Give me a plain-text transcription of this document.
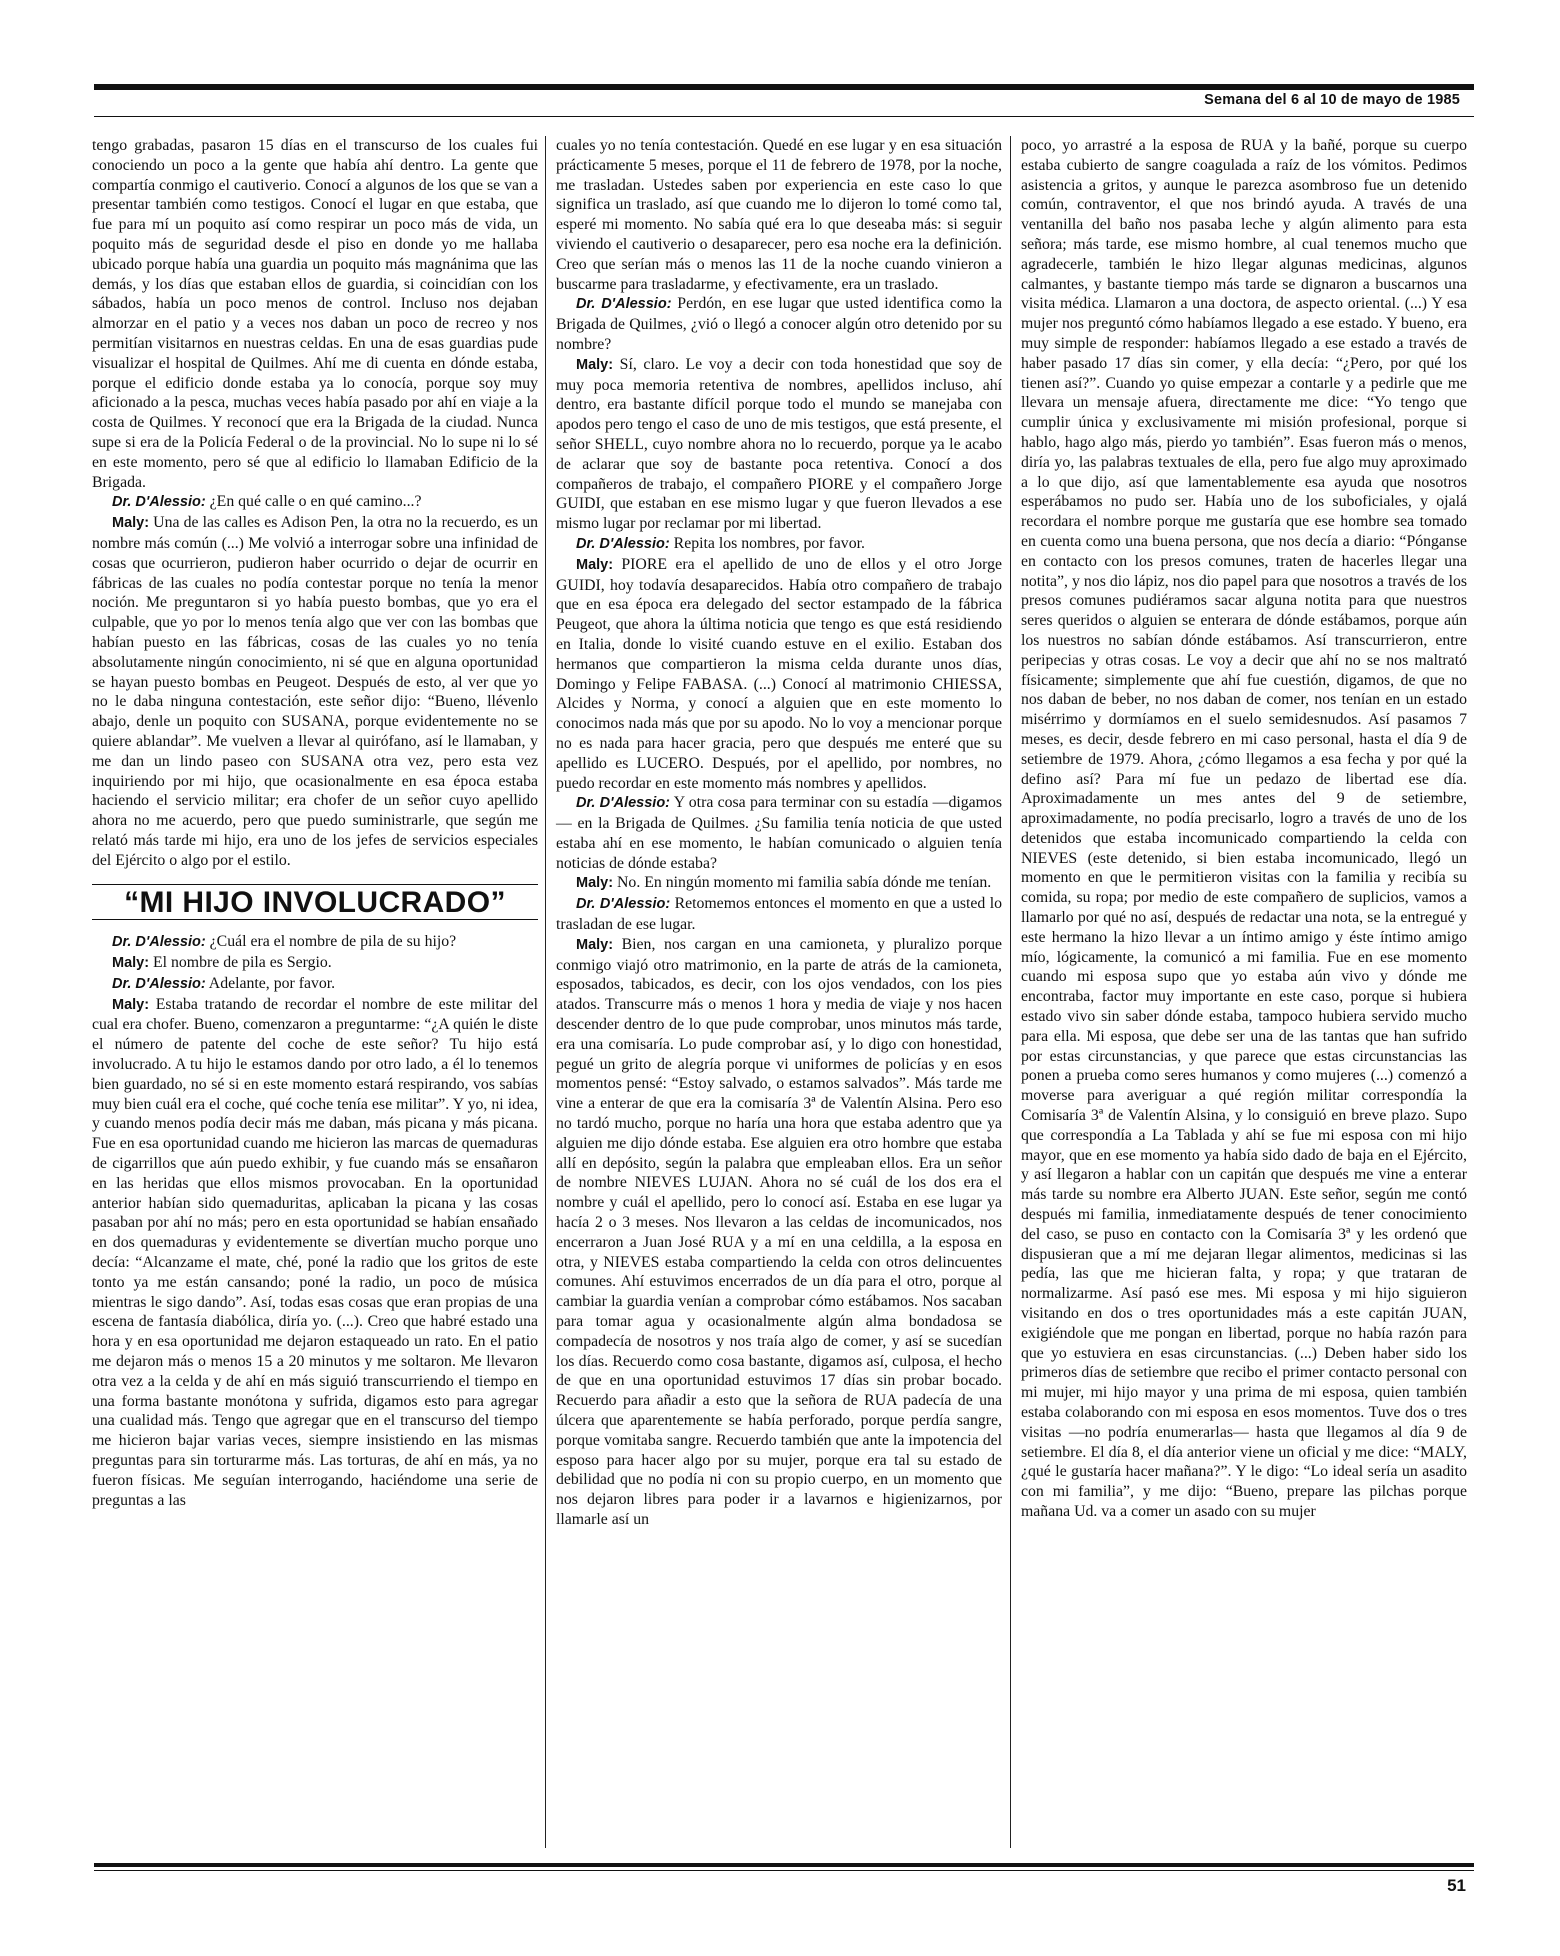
Semana del 6 al 10 de mayo de 1985

tengo grabadas, pasaron 15 días en el transcurso de los cuales fui conociendo un poco a la gente que había ahí dentro. La gente que compartía conmigo el cautiverio. Conocí a algunos de los que se van a presentar también como testigos. Conocí el lugar en que estaba, que fue para mí un poquito así como respirar un poco más de vida, un poquito más de seguridad desde el piso en donde yo me hallaba ubicado porque había una guardia un poquito más magnánima que las demás, y los días que estaban ellos de guardia, si coincidían con los sábados, había un poco menos de control. Incluso nos dejaban almorzar en el patio y a veces nos daban un poco de recreo y nos permitían visitarnos en nuestras celdas. En una de esas guardias pude visualizar el hospital de Quilmes. Ahí me di cuenta en dónde estaba, porque el edificio donde estaba ya lo conocía, porque soy muy aficionado a la pesca, muchas veces había pasado por ahí en viaje a la costa de Quilmes. Y reconocí que era la Brigada de la ciudad. Nunca supe si era de la Policía Federal o de la provincial. No lo supe ni lo sé en este momento, pero sé que al edificio lo llamaban Edificio de la Brigada.

Dr. D'Alessio: ¿En qué calle o en qué camino...?

Maly: Una de las calles es Adison Pen, la otra no la recuerdo, es un nombre más común (...) Me volvió a interrogar sobre una infinidad de cosas que ocurrieron, pudieron haber ocurrido o dejar de ocurrir en fábricas de las cuales no podía contestar porque no tenía la menor noción. Me preguntaron si yo había puesto bombas, que yo era el culpable, que yo por lo menos tenía algo que ver con las bombas que habían puesto en las fábricas, cosas de las cuales yo no tenía absolutamente ningún conocimiento, ni sé que en alguna oportunidad se hayan puesto bombas en Peugeot. Después de esto, al ver que yo no le daba ninguna contestación, este señor dijo: “Bueno, llévenlo abajo, denle un poquito con SUSANA, porque evidentemente no se quiere ablandar”. Me vuelven a llevar al quirófano, así le llamaban, y me dan un lindo paseo con SUSANA otra vez, pero esta vez inquiriendo por mi hijo, que ocasionalmente en esa época estaba haciendo el servicio militar; era chofer de un señor cuyo apellido ahora no me acuerdo, pero que puedo suministrarle, que según me relató más tarde mi hijo, era uno de los jefes de servicios especiales del Ejército o algo por el estilo.

“MI HIJO INVOLUCRADO”

Dr. D'Alessio: ¿Cuál era el nombre de pila de su hijo?

Maly: El nombre de pila es Sergio.

Dr. D'Alessio: Adelante, por favor.

Maly: Estaba tratando de recordar el nombre de este militar del cual era chofer. Bueno, comenzaron a preguntarme: “¿A quién le diste el número de patente del coche de este señor? Tu hijo está involucrado. A tu hijo le estamos dando por otro lado, a él lo tenemos bien guardado, no sé si en este momento estará respirando, vos sabías muy bien cuál era el coche, qué coche tenía ese militar”. Y yo, ni idea, y cuando menos podía decir más me daban, más picana y más picana. Fue en esa oportunidad cuando me hicieron las marcas de quemaduras de cigarrillos que aún puedo exhibir, y fue cuando más se ensañaron en las heridas que ellos mismos provocaban. En la oportunidad anterior habían sido quemaduritas, aplicaban la picana y las cosas pasaban por ahí no más; pero en esta oportunidad se habían ensañado en dos quemaduras y evidentemente se divertían mucho porque uno decía: “Alcanzame el mate, ché, poné la radio que los gritos de este tonto ya me están cansando; poné la radio, un poco de música mientras le sigo dando”. Así, todas esas cosas que eran propias de una escena de fantasía diabólica, diría yo. (...). Creo que habré estado una hora y en esa oportunidad me dejaron estaqueado un rato. En el patio me dejaron más o menos 15 a 20 minutos y me soltaron. Me llevaron otra vez a la celda y de ahí en más siguió transcurriendo el tiempo en una forma bastante monótona y sufrida, digamos esto para agregar una cualidad más. Tengo que agregar que en el transcurso del tiempo me hicieron bajar varias veces, siempre insistiendo en las mismas preguntas para sin torturarme más. Las torturas, de ahí en más, ya no fueron físicas. Me seguían interrogando, haciéndome una serie de preguntas a las

cuales yo no tenía contestación. Quedé en ese lugar y en esa situación prácticamente 5 meses, porque el 11 de febrero de 1978, por la noche, me trasladan. Ustedes saben por experiencia en este caso lo que significa un traslado, así que cuando me lo dijeron lo tomé como tal, esperé mi momento. No sabía qué era lo que deseaba más: si seguir viviendo el cautiverio o desaparecer, pero esa noche era la definición. Creo que serían más o menos las 11 de la noche cuando vinieron a buscarme para trasladarme, y efectivamente, era un traslado.

Dr. D'Alessio: Perdón, en ese lugar que usted identifica como la Brigada de Quilmes, ¿vió o llegó a conocer algún otro detenido por su nombre?

Maly: Sí, claro. Le voy a decir con toda honestidad que soy de muy poca memoria retentiva de nombres, apellidos incluso, ahí dentro, era bastante difícil porque todo el mundo se manejaba con apodos pero tengo el caso de uno de mis testigos, que está presente, el señor SHELL, cuyo nombre ahora no lo recuerdo, porque ya le acabo de aclarar que soy de bastante poca retentiva. Conocí a dos compañeros de trabajo, el compañero PIORE y el compañero Jorge GUIDI, que estaban en ese mismo lugar y que fueron llevados a ese mismo lugar por reclamar por mi libertad.

Dr. D'Alessio: Repita los nombres, por favor.

Maly: PIORE era el apellido de uno de ellos y el otro Jorge GUIDI, hoy todavía desaparecidos. Había otro compañero de trabajo que en esa época era delegado del sector estampado de la fábrica Peugeot, que ahora la última noticia que tengo es que está residiendo en Italia, donde lo visité cuando estuve en el exilio. Estaban dos hermanos que compartieron la misma celda durante unos días, Domingo y Felipe FABASA. (...) Conocí al matrimonio CHIESSA, Alcides y Norma, y conocí a alguien que en este momento lo conocimos nada más que por su apodo. No lo voy a mencionar porque no es nada para hacer gracia, pero que después me enteré que su apellido es LUCERO. Después, por el apellido, por nombres, no puedo recordar en este momento más nombres y apellidos.

Dr. D'Alessio: Y otra cosa para terminar con su estadía —digamos— en la Brigada de Quilmes. ¿Su familia tenía noticia de que usted estaba ahí en ese momento, le habían comunicado o alguien tenía noticias de dónde estaba?

Maly: No. En ningún momento mi familia sabía dónde me tenían.

Dr. D'Alessio: Retomemos entonces el momento en que a usted lo trasladan de ese lugar.

Maly: Bien, nos cargan en una camioneta, y pluralizo porque conmigo viajó otro matrimonio, en la parte de atrás de la camioneta, esposados, tabicados, es decir, con los ojos vendados, con los pies atados. Transcurre más o menos 1 hora y media de viaje y nos hacen descender dentro de lo que pude comprobar, unos minutos más tarde, era una comisaría. Lo pude comprobar así, y lo digo con honestidad, pegué un grito de alegría porque vi uniformes de policías y en esos momentos pensé: “Estoy salvado, o estamos salvados”. Más tarde me vine a enterar de que era la comisaría 3ª de Valentín Alsina. Pero eso no tardó mucho, porque no haría una hora que estaba adentro que ya alguien me dijo dónde estaba. Ese alguien era otro hombre que estaba allí en depósito, según la palabra que empleaban ellos. Era un señor de nombre NIEVES LUJAN. Ahora no sé cuál de los dos era el nombre y cuál el apellido, pero lo conocí así. Estaba en ese lugar ya hacía 2 o 3 meses. Nos llevaron a las celdas de incomunicados, nos encerraron a Juan José RUA y a mí en una celdilla, a la esposa en otra, y NIEVES estaba compartiendo la celda con otros delincuentes comunes. Ahí estuvimos encerrados de un día para el otro, porque al cambiar la guardia venían a comprobar cómo estábamos. Nos sacaban para tomar agua y ocasionalmente algún alma bondadosa se compadecía de nosotros y nos traía algo de comer, y así se sucedían los días. Recuerdo como cosa bastante, digamos así, culposa, el hecho de que en una oportunidad estuvimos 17 días sin probar bocado. Recuerdo para añadir a esto que la señora de RUA padecía de una úlcera que aparentemente se había perforado, porque perdía sangre, porque vomitaba sangre. Recuerdo también que ante la impotencia del esposo para hacer algo por su mujer, porque era tal su estado de debilidad que no podía ni con su propio cuerpo, en un momento que nos dejaron libres para poder ir a lavarnos e higienizarnos, por llamarle así un

poco, yo arrastré a la esposa de RUA y la bañé, porque su cuerpo estaba cubierto de sangre coagulada a raíz de los vómitos. Pedimos asistencia a gritos, y aunque le parezca asombroso fue un detenido común, contraventor, el que nos brindó ayuda. A través de una ventanilla del baño nos pasaba leche y algún alimento para esta señora; más tarde, ese mismo hombre, al cual tenemos mucho que agradecerle, también le hizo llegar algunas medicinas, algunos calmantes, y bastante tiempo más tarde se dignaron a buscarnos una visita médica. Llamaron a una doctora, de aspecto oriental. (...) Y esa mujer nos preguntó cómo habíamos llegado a ese estado. Y bueno, era muy simple de responder: habíamos llegado a ese estado a través de haber pasado 17 días sin comer, y ella decía: “¿Pero, por qué los tienen así?”. Cuando yo quise empezar a contarle y a pedirle que me llevara un mensaje afuera, directamente me dice: “Yo tengo que cumplir única y exclusivamente mi misión profesional, porque si hablo, hago algo más, pierdo yo también”. Esas fueron más o menos, diría yo, las palabras textuales de ella, pero fue algo muy aproximado a lo que dijo, así que lamentablemente esa ayuda que nosotros esperábamos no pudo ser. Había uno de los suboficiales, y ojalá recordara el nombre porque me gustaría que ese hombre sea tomado en cuenta como una buena persona, que nos decía a diario: “Pónganse en contacto con los presos comunes, traten de hacerles llegar una notita”, y nos dio lápiz, nos dio papel para que nosotros a través de los presos comunes pudiéramos sacar alguna notita para que nuestros seres queridos o alguien se enterara de dónde estábamos, porque aún los nuestros no sabían dónde estábamos. Así transcurrieron, entre peripecias y otras cosas. Le voy a decir que ahí no se nos maltrató físicamente; simplemente que ahí fue cuestión, digamos, de que no nos daban de beber, no nos daban de comer, nos tenían en un estado misérrimo y dormíamos en el suelo semidesnudos. Así pasamos 7 meses, es decir, desde febrero en mi caso personal, hasta el día 9 de setiembre de 1979. Ahora, ¿cómo llegamos a esa fecha y por qué la defino así? Para mí fue un pedazo de libertad ese día. Aproximadamente un mes antes del 9 de setiembre, aproximadamente, no podía precisarlo, logro a través de uno de los detenidos que estaba incomunicado compartiendo la celda con NIEVES (este detenido, si bien estaba incomunicado, llegó un momento en que le permitieron visitas con la familia y recibía su comida, su ropa; por medio de este compañero de suplicios, vamos a llamarlo por qué no así, después de redactar una nota, se la entregué y este hermano la hizo llevar a un íntimo amigo y éste íntimo amigo mío, lógicamente, la comunicó a mi familia. Fue en ese momento cuando mi esposa supo que yo estaba aún vivo y dónde me encontraba, factor muy importante en este caso, porque si hubiera estado vivo sin saber dónde estaba, tampoco hubiera servido mucho para ella. Mi esposa, que debe ser una de las tantas que han sufrido por estas circunstancias, y que parece que estas circunstancias las ponen a prueba como seres humanos y como mujeres (...) comenzó a moverse para averiguar a qué región militar correspondía la Comisaría 3ª de Valentín Alsina, y lo consiguió en breve plazo. Supo que correspondía a La Tablada y ahí se fue mi esposa con mi hijo mayor, que en ese momento ya había sido dado de baja en el Ejército, y así llegaron a hablar con un capitán que después me vine a enterar más tarde su nombre era Alberto JUAN. Este señor, según me contó después mi familia, inmediatamente después de tener conocimiento del caso, se puso en contacto con la Comisaría 3ª y les ordenó que dispusieran que a mí me dejaran llegar alimentos, medicinas si las pedía, las que me hicieran falta, y ropa; y que trataran de normalizarme. Así pasó ese mes. Mi esposa y mi hijo siguieron visitando en dos o tres oportunidades más a este capitán JUAN, exigiéndole que me pongan en libertad, porque no había razón para que yo estuviera en esas circunstancias. (...) Deben haber sido los primeros días de setiembre que recibo el primer contacto personal con mi mujer, mi hijo mayor y una prima de mi esposa, quien también estaba colaborando con mi esposa en esos momentos. Tuve dos o tres visitas —no podría enumerarlas— hasta que llegamos al día 9 de setiembre. El día 8, el día anterior viene un oficial y me dice: “MALY, ¿qué le gustaría hacer mañana?”. Y le digo: “Lo ideal sería un asadito con mi familia”, y me dijo: “Bueno, prepare las pilchas porque mañana Ud. va a comer un asado con su mujer

51
